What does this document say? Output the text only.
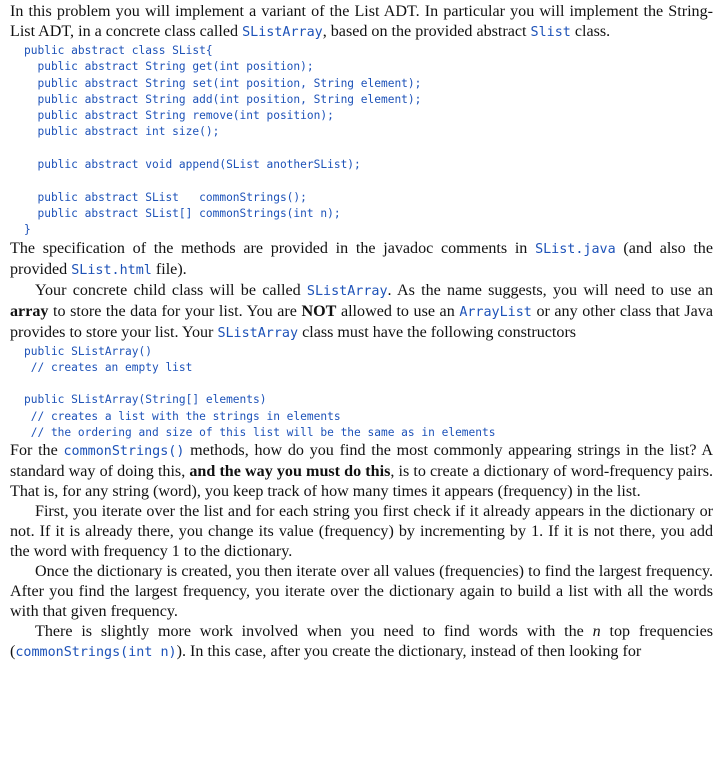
In this problem you will implement a variant of the List ADT. In particular you will implement the String-List ADT, in a concrete class called SListArray, based on the provided abstract Slist class.

public abstract class SList{
public abstract String get(int position);
public abstract String set(int position, String element);
public abstract String add(int position, String element);
public abstract String remove(int position);
public abstract int size();

public abstract void append(SList anotherSList);

public abstract SList   commonStrings();
public abstract SList[] commonStrings(int n);
}

The specification of the methods are provided in the javadoc comments in SList.java (and also the provided SList.html file).

Your concrete child class will be called SListArray. As the name suggests, you will need to use an array to store the data for your list. You are NOT allowed to use an ArrayList or any other class that Java provides to store your list. Your SListArray class must have the following constructors

public SListArray()
// creates an empty list

public SListArray(String[] elements)
// creates a list with the strings in elements
// the ordering and size of this list will be the same as in elements

For the commonStrings() methods, how do you find the most commonly appearing strings in the list? A standard way of doing this, and the way you must do this, is to create a dictionary of word-frequency pairs. That is, for any string (word), you keep track of how many times it appears (frequency) in the list.

First, you iterate over the list and for each string you first check if it already appears in the dictionary or not. If it is already there, you change its value (frequency) by incrementing by 1. If it is not there, you add the word with frequency 1 to the dictionary.

Once the dictionary is created, you then iterate over all values (frequencies) to find the largest frequency. After you find the largest frequency, you iterate over the dictionary again to build a list with all the words with that given frequency.

There is slightly more work involved when you need to find words with the n top frequencies (commonStrings(int n)). In this case, after you create the dictionary, instead of then looking for
